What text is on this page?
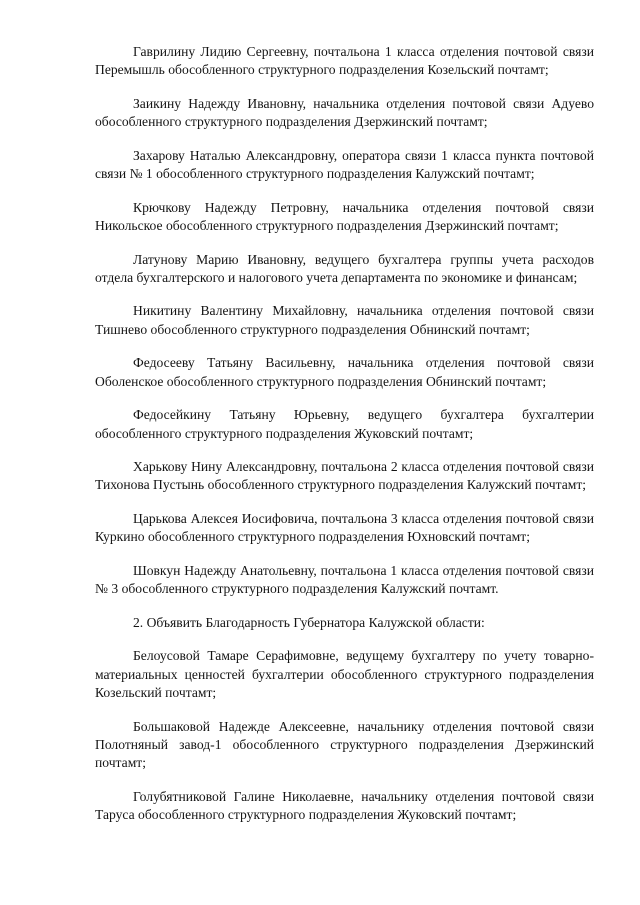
Гаврилину Лидию Сергеевну, почтальона 1 класса отделения почтовой связи Перемышль обособленного структурного подразделения Козельский почтамт;

Заикину Надежду Ивановну, начальника отделения почтовой связи Адуево обособленного структурного подразделения Дзержинский почтамт;

Захарову Наталью Александровну, оператора связи 1 класса пункта почтовой связи № 1 обособленного структурного подразделения Калужский почтамт;

Крючкову Надежду Петровну, начальника отделения почтовой связи Никольское обособленного структурного подразделения Дзержинский почтамт;

Латунову Марию Ивановну, ведущего бухгалтера группы учета расходов отдела бухгалтерского и налогового учета департамента по экономике и финансам;

Никитину Валентину Михайловну, начальника отделения почтовой связи Тишнево обособленного структурного подразделения Обнинский почтамт;

Федосееву Татьяну Васильевну, начальника отделения почтовой связи Оболенское обособленного структурного подразделения Обнинский почтамт;

Федосейкину Татьяну Юрьевну, ведущего бухгалтера бухгалтерии обособленного структурного подразделения Жуковский почтамт;

Харькову Нину Александровну, почтальона 2 класса отделения почтовой связи Тихонова Пустынь обособленного структурного подразделения Калужский почтамт;

Царькова Алексея Иосифовича, почтальона 3 класса отделения почтовой связи Куркино обособленного структурного подразделения Юхновский почтамт;

Шовкун Надежду Анатольевну, почтальона 1 класса отделения почтовой связи № 3 обособленного структурного подразделения Калужский почтамт.

2. Объявить Благодарность Губернатора Калужской области:

Белоусовой Тамаре Серафимовне, ведущему бухгалтеру по учету товарно-материальных ценностей бухгалтерии обособленного структурного подразделения Козельский почтамт;

Большаковой Надежде Алексеевне, начальнику отделения почтовой связи Полотняный завод-1 обособленного структурного подразделения Дзержинский почтамт;

Голубятниковой Галине Николаевне, начальнику отделения почтовой связи Таруса обособленного структурного подразделения Жуковский почтамт;
